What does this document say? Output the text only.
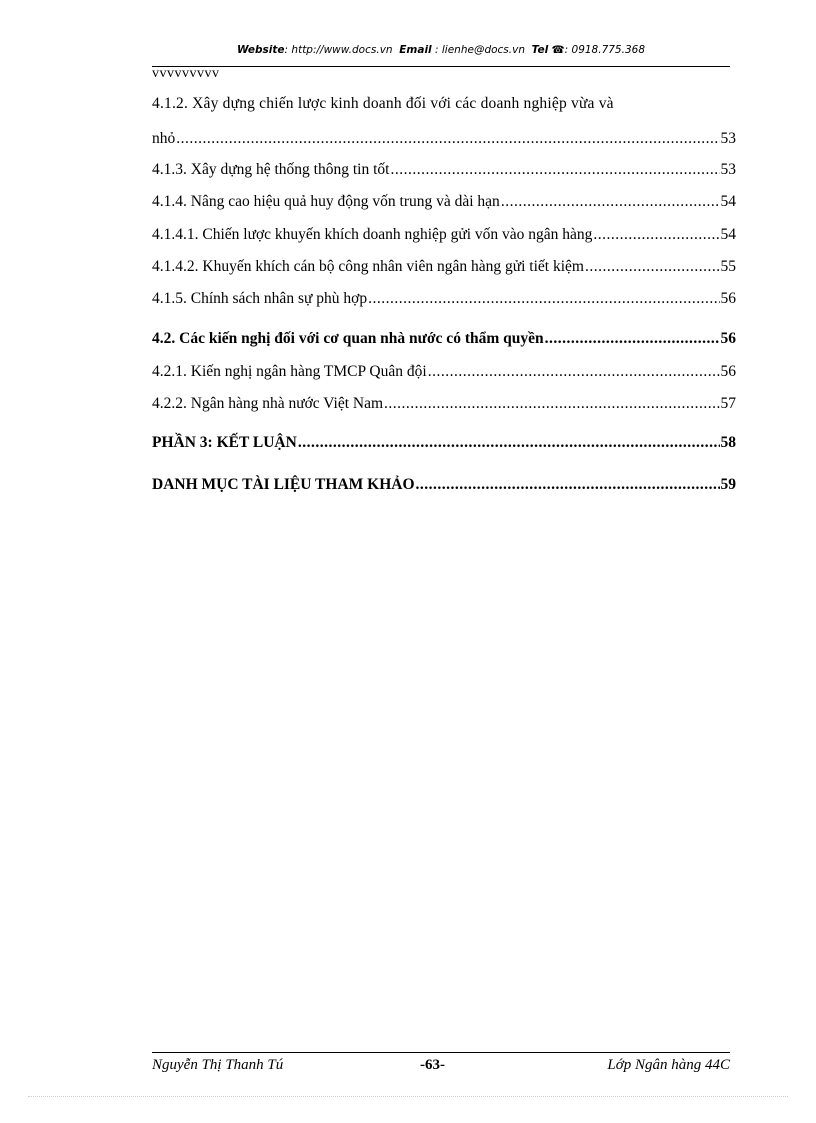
Website: http://www.docs.vn Email : lienhe@docs.vn Tel ☎: 0918.775.368
vvvvvvvvv
4.1.2. Xây dựng chiến lược kinh doanh đối với các doanh nghiệp vừa và
nhỏ .....	53
4.1.3. Xây dựng hệ thống thông tin tốt .....	53
4.1.4. Nâng cao hiệu quả huy động vốn trung và dài hạn .....	54
4.1.4.1. Chiến lược khuyến khích doanh nghiệp gửi vốn vào ngân hàng .....	54
4.1.4.2. Khuyến khích cán bộ công nhân viên ngân hàng gửi tiết kiệm .....	55
4.1.5. Chính sách nhân sự phù hợp .....	56
4.2. Các kiến nghị đối với cơ quan nhà nước có thẩm quyền .....	56
4.2.1. Kiến nghị ngân hàng TMCP Quân đội .....	56
4.2.2. Ngân hàng nhà nước Việt Nam .....	57
PHẦN 3: KẾT LUẬN .....	58
DANH MỤC TÀI LIỆU THAM KHẢO .....	59
Nguyễn Thị Thanh Tú	-63-	Lớp Ngân hàng 44C
